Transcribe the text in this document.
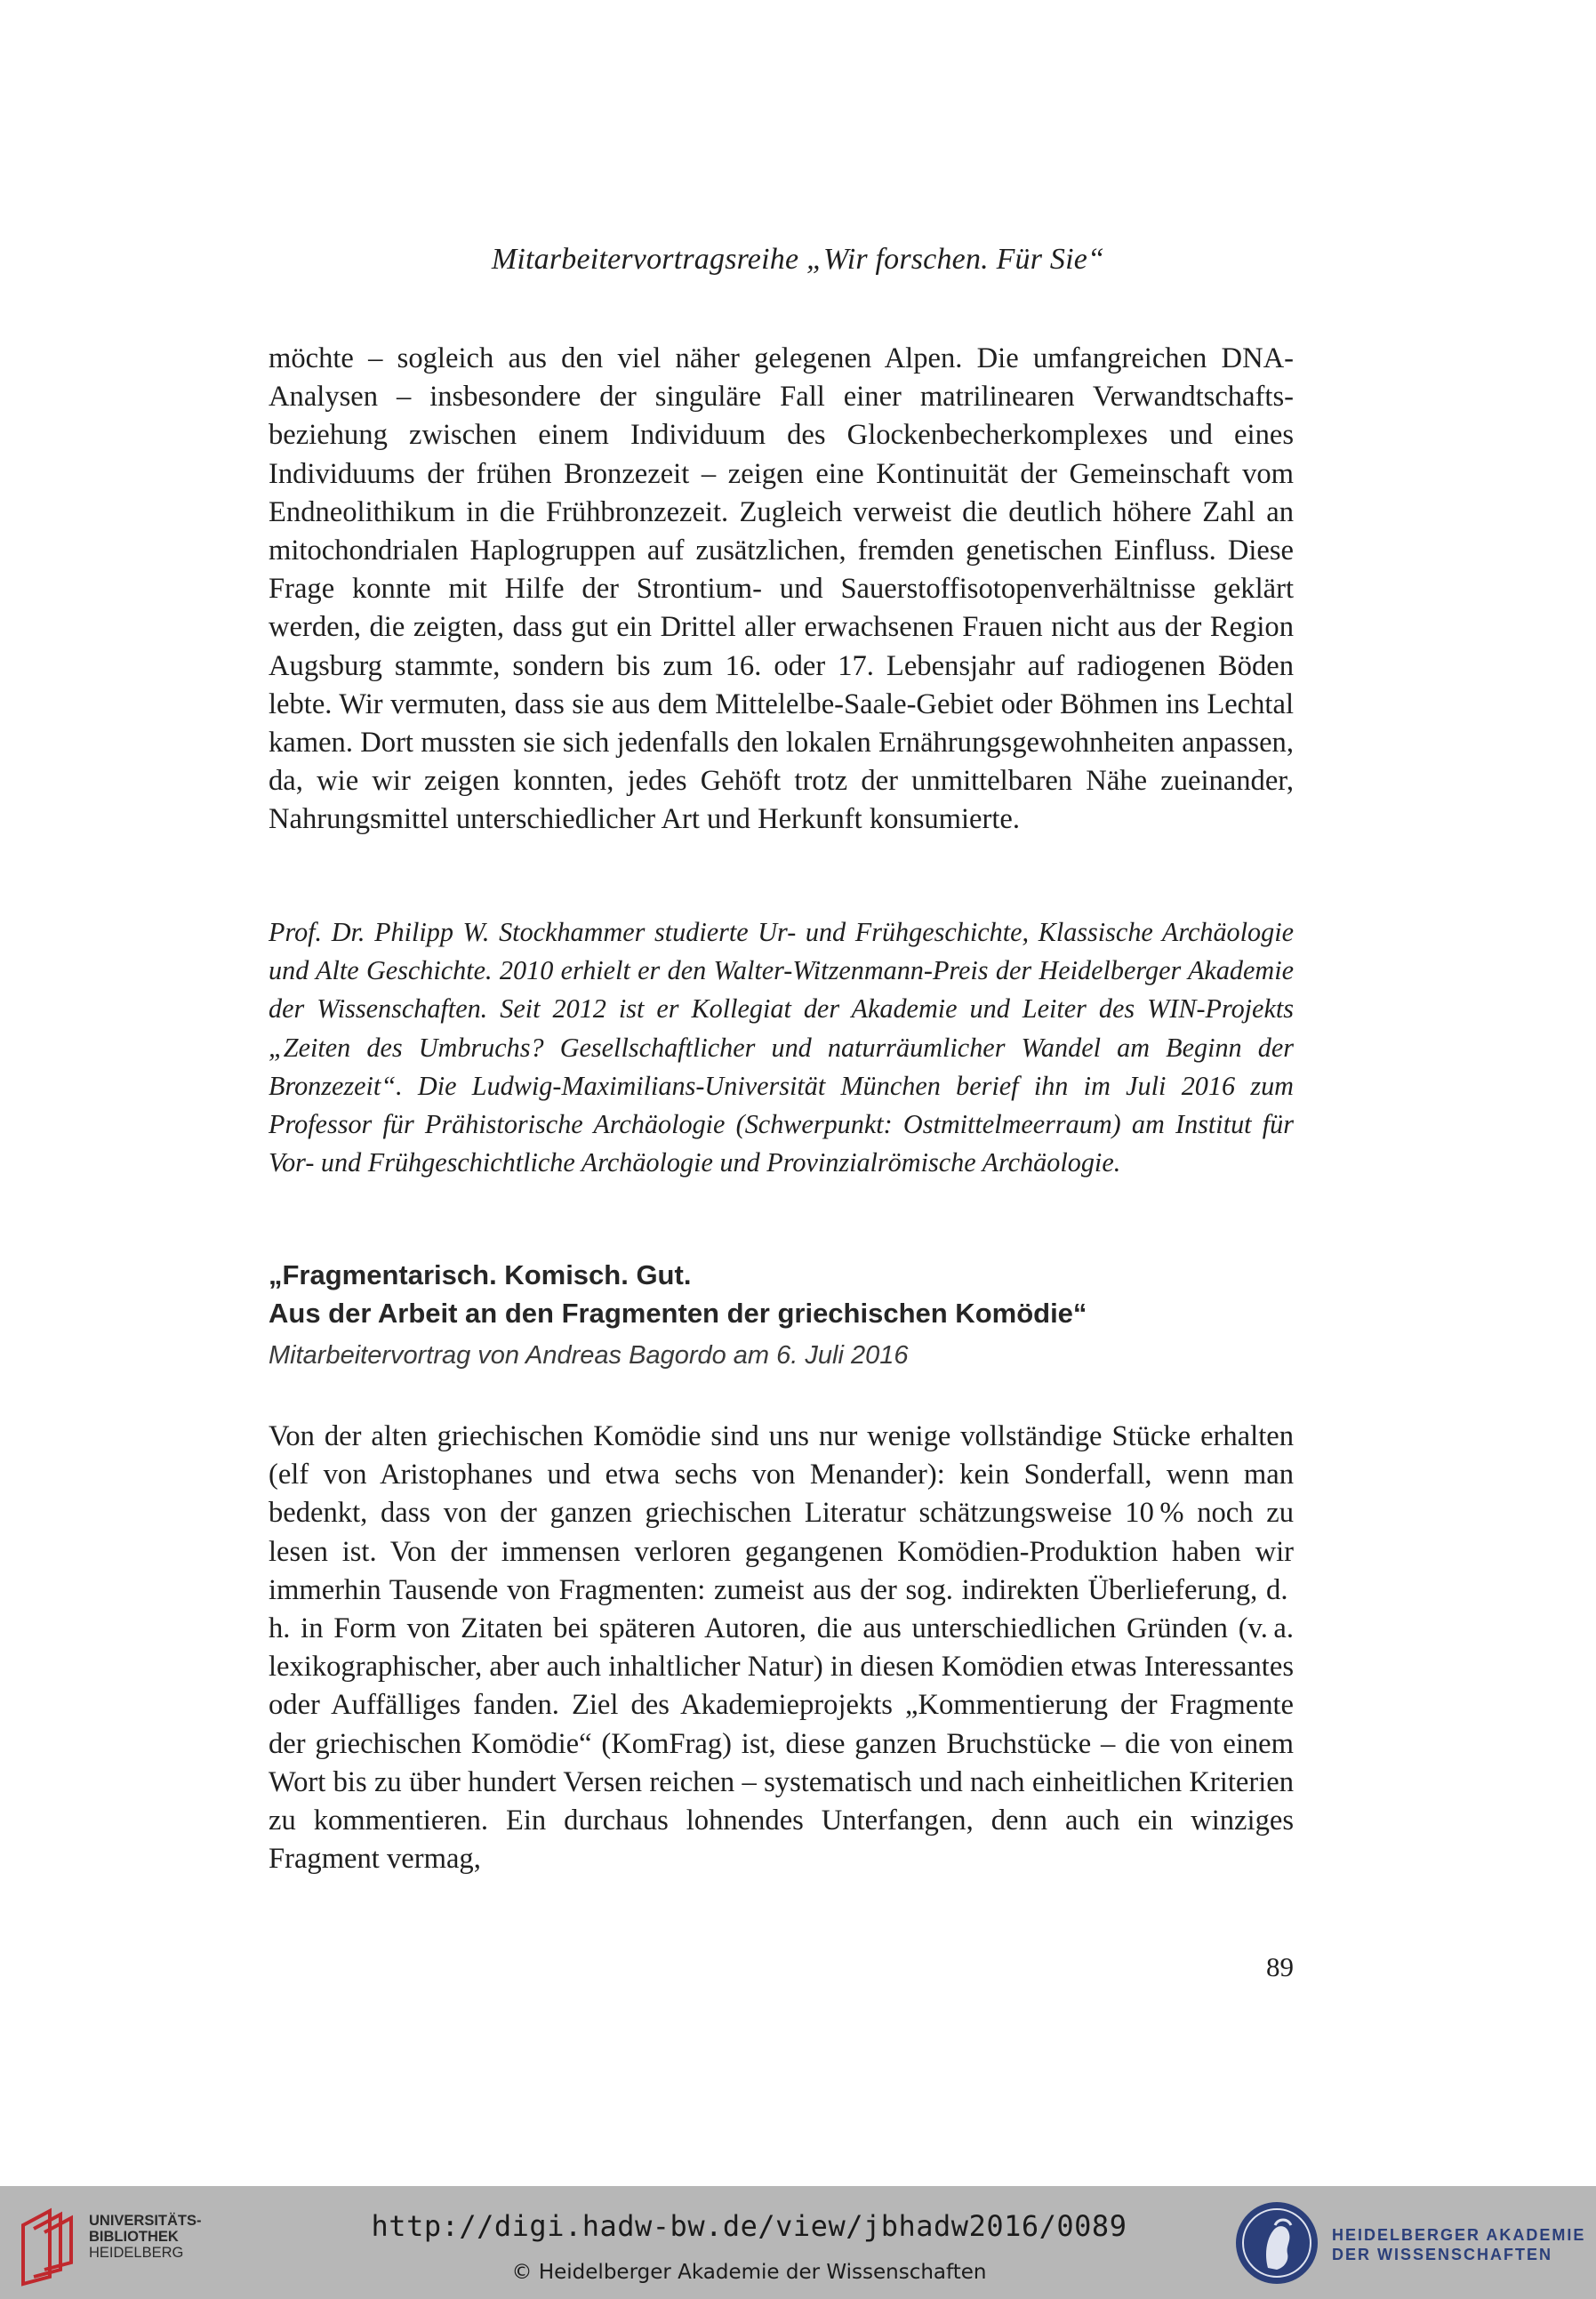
Mitarbeitervortragsreihe „Wir forschen. Für Sie“

möchte – sogleich aus den viel näher gelegenen Alpen. Die umfangreichen DNA-Analysen – insbesondere der singuläre Fall einer matrilinearen Verwandtschaftsbeziehung zwischen einem Individuum des Glockenbecherkomplexes und eines Individuums der frühen Bronzezeit – zeigen eine Kontinuität der Gemeinschaft vom Endneolithikum in die Frühbronzezeit. Zugleich verweist die deutlich höhere Zahl an mitochondrialen Haplogruppen auf zusätzlichen, fremden genetischen Einfluss. Diese Frage konnte mit Hilfe der Strontium- und Sauerstoffisotopenverhältnisse geklärt werden, die zeigten, dass gut ein Drittel aller erwachsenen Frauen nicht aus der Region Augsburg stammte, sondern bis zum 16. oder 17. Lebensjahr auf radiogenen Böden lebte. Wir vermuten, dass sie aus dem Mittelelbe-Saale-Gebiet oder Böhmen ins Lechtal kamen. Dort mussten sie sich jedenfalls den lokalen Ernährungsgewohnheiten anpassen, da, wie wir zeigen konnten, jedes Gehöft trotz der unmittelbaren Nähe zueinander, Nahrungsmittel unterschiedlicher Art und Herkunft konsumierte.

Prof. Dr. Philipp W. Stockhammer studierte Ur- und Frühgeschichte, Klassische Archäologie und Alte Geschichte. 2010 erhielt er den Walter-Witzenmann-Preis der Heidelberger Akademie der Wissenschaften. Seit 2012 ist er Kollegiat der Akademie und Leiter des WIN-Projekts „Zeiten des Umbruchs? Gesellschaftlicher und naturräumlicher Wandel am Beginn der Bronzezeit“. Die Ludwig-Maximilians-Universität München berief ihn im Juli 2016 zum Professor für Prähistorische Archäologie (Schwerpunkt: Ostmittelmeerraum) am Institut für Vor- und Frühgeschichtliche Archäologie und Provinzialrömische Archäologie.

„Fragmentarisch. Komisch. Gut.

Aus der Arbeit an den Fragmenten der griechischen Komödie“

Mitarbeitervortrag von Andreas Bagordo am 6. Juli 2016

Von der alten griechischen Komödie sind uns nur wenige vollständige Stücke erhalten (elf von Aristophanes und etwa sechs von Menander): kein Sonderfall, wenn man bedenkt, dass von der ganzen griechischen Literatur schätzungsweise 10 % noch zu lesen ist. Von der immensen verloren gegangenen Komödien-Produktion haben wir immerhin Tausende von Fragmenten: zumeist aus der sog. indirekten Überlieferung, d. h. in Form von Zitaten bei späteren Autoren, die aus unterschiedlichen Gründen (v. a. lexikographischer, aber auch inhaltlicher Natur) in diesen Komödien etwas Interessantes oder Auffälliges fanden. Ziel des Akademieprojekts „Kommentierung der Fragmente der griechischen Komödie“ (KomFrag) ist, diese ganzen Bruchstücke – die von einem Wort bis zu über hundert Versen reichen – systematisch und nach einheitlichen Kriterien zu kommentieren. Ein durchaus lohnendes Unterfangen, denn auch ein winziges Fragment vermag,

89
UNIVERSITÄTS-
BIBLIOTHEK
HEIDELBERG
http://digi.hadw-bw.de/view/jbhadw2016/0089
© Heidelberger Akademie der Wissenschaften
HEIDELBERGER AKADEMIE
DER WISSENSCHAFTEN
